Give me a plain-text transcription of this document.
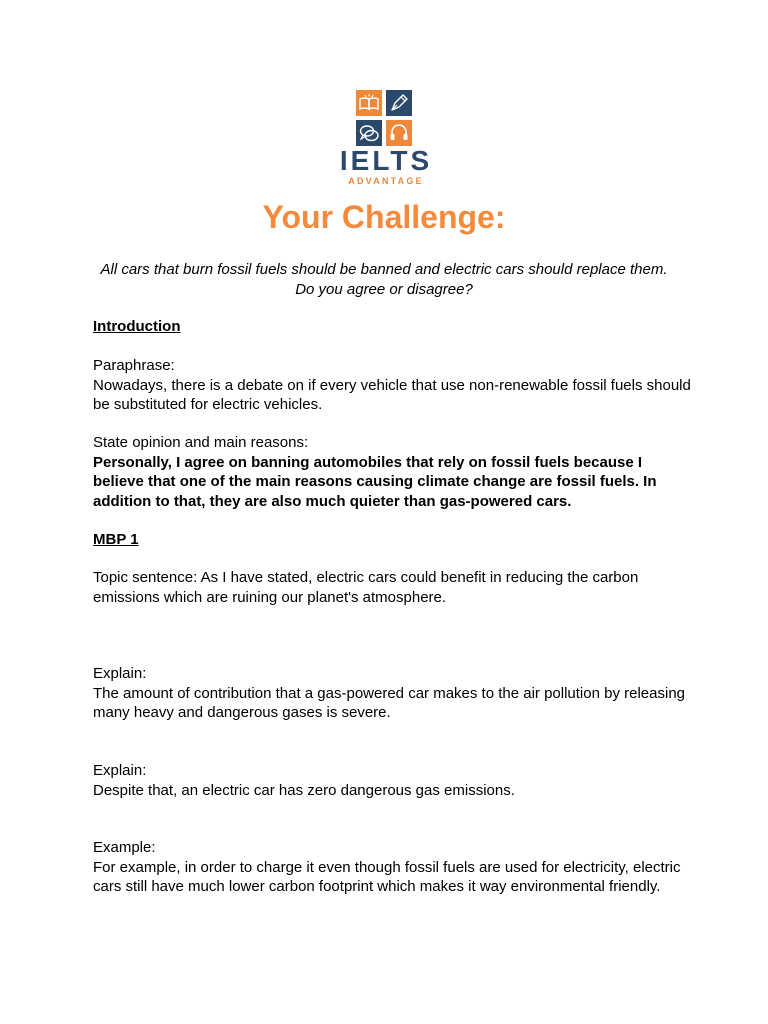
IELTS
ADVANTAGE
Your Challenge:
All cars that burn fossil fuels should be banned and electric cars should replace them. Do you agree or disagree?
Introduction
Paraphrase:
Nowadays, there is a debate on if every vehicle that use non-renewable fossil fuels should be substituted for electric vehicles.
State opinion and main reasons:
Personally, I agree on banning automobiles that rely on fossil fuels because I believe that one of the main reasons causing climate change are fossil fuels. In addition to that, they are also much quieter than gas-powered cars.
MBP 1
Topic sentence: As I have stated, electric cars could benefit in reducing the carbon emissions which are ruining our planet's atmosphere.
Explain:
The amount of contribution that a gas-powered car makes to the air pollution by releasing many heavy and dangerous gases is severe.
Explain:
Despite that, an electric car has zero dangerous gas emissions.
Example:
For example, in order to charge it even though fossil fuels are used for electricity, electric cars still have much lower carbon footprint which makes it way environmental friendly.
